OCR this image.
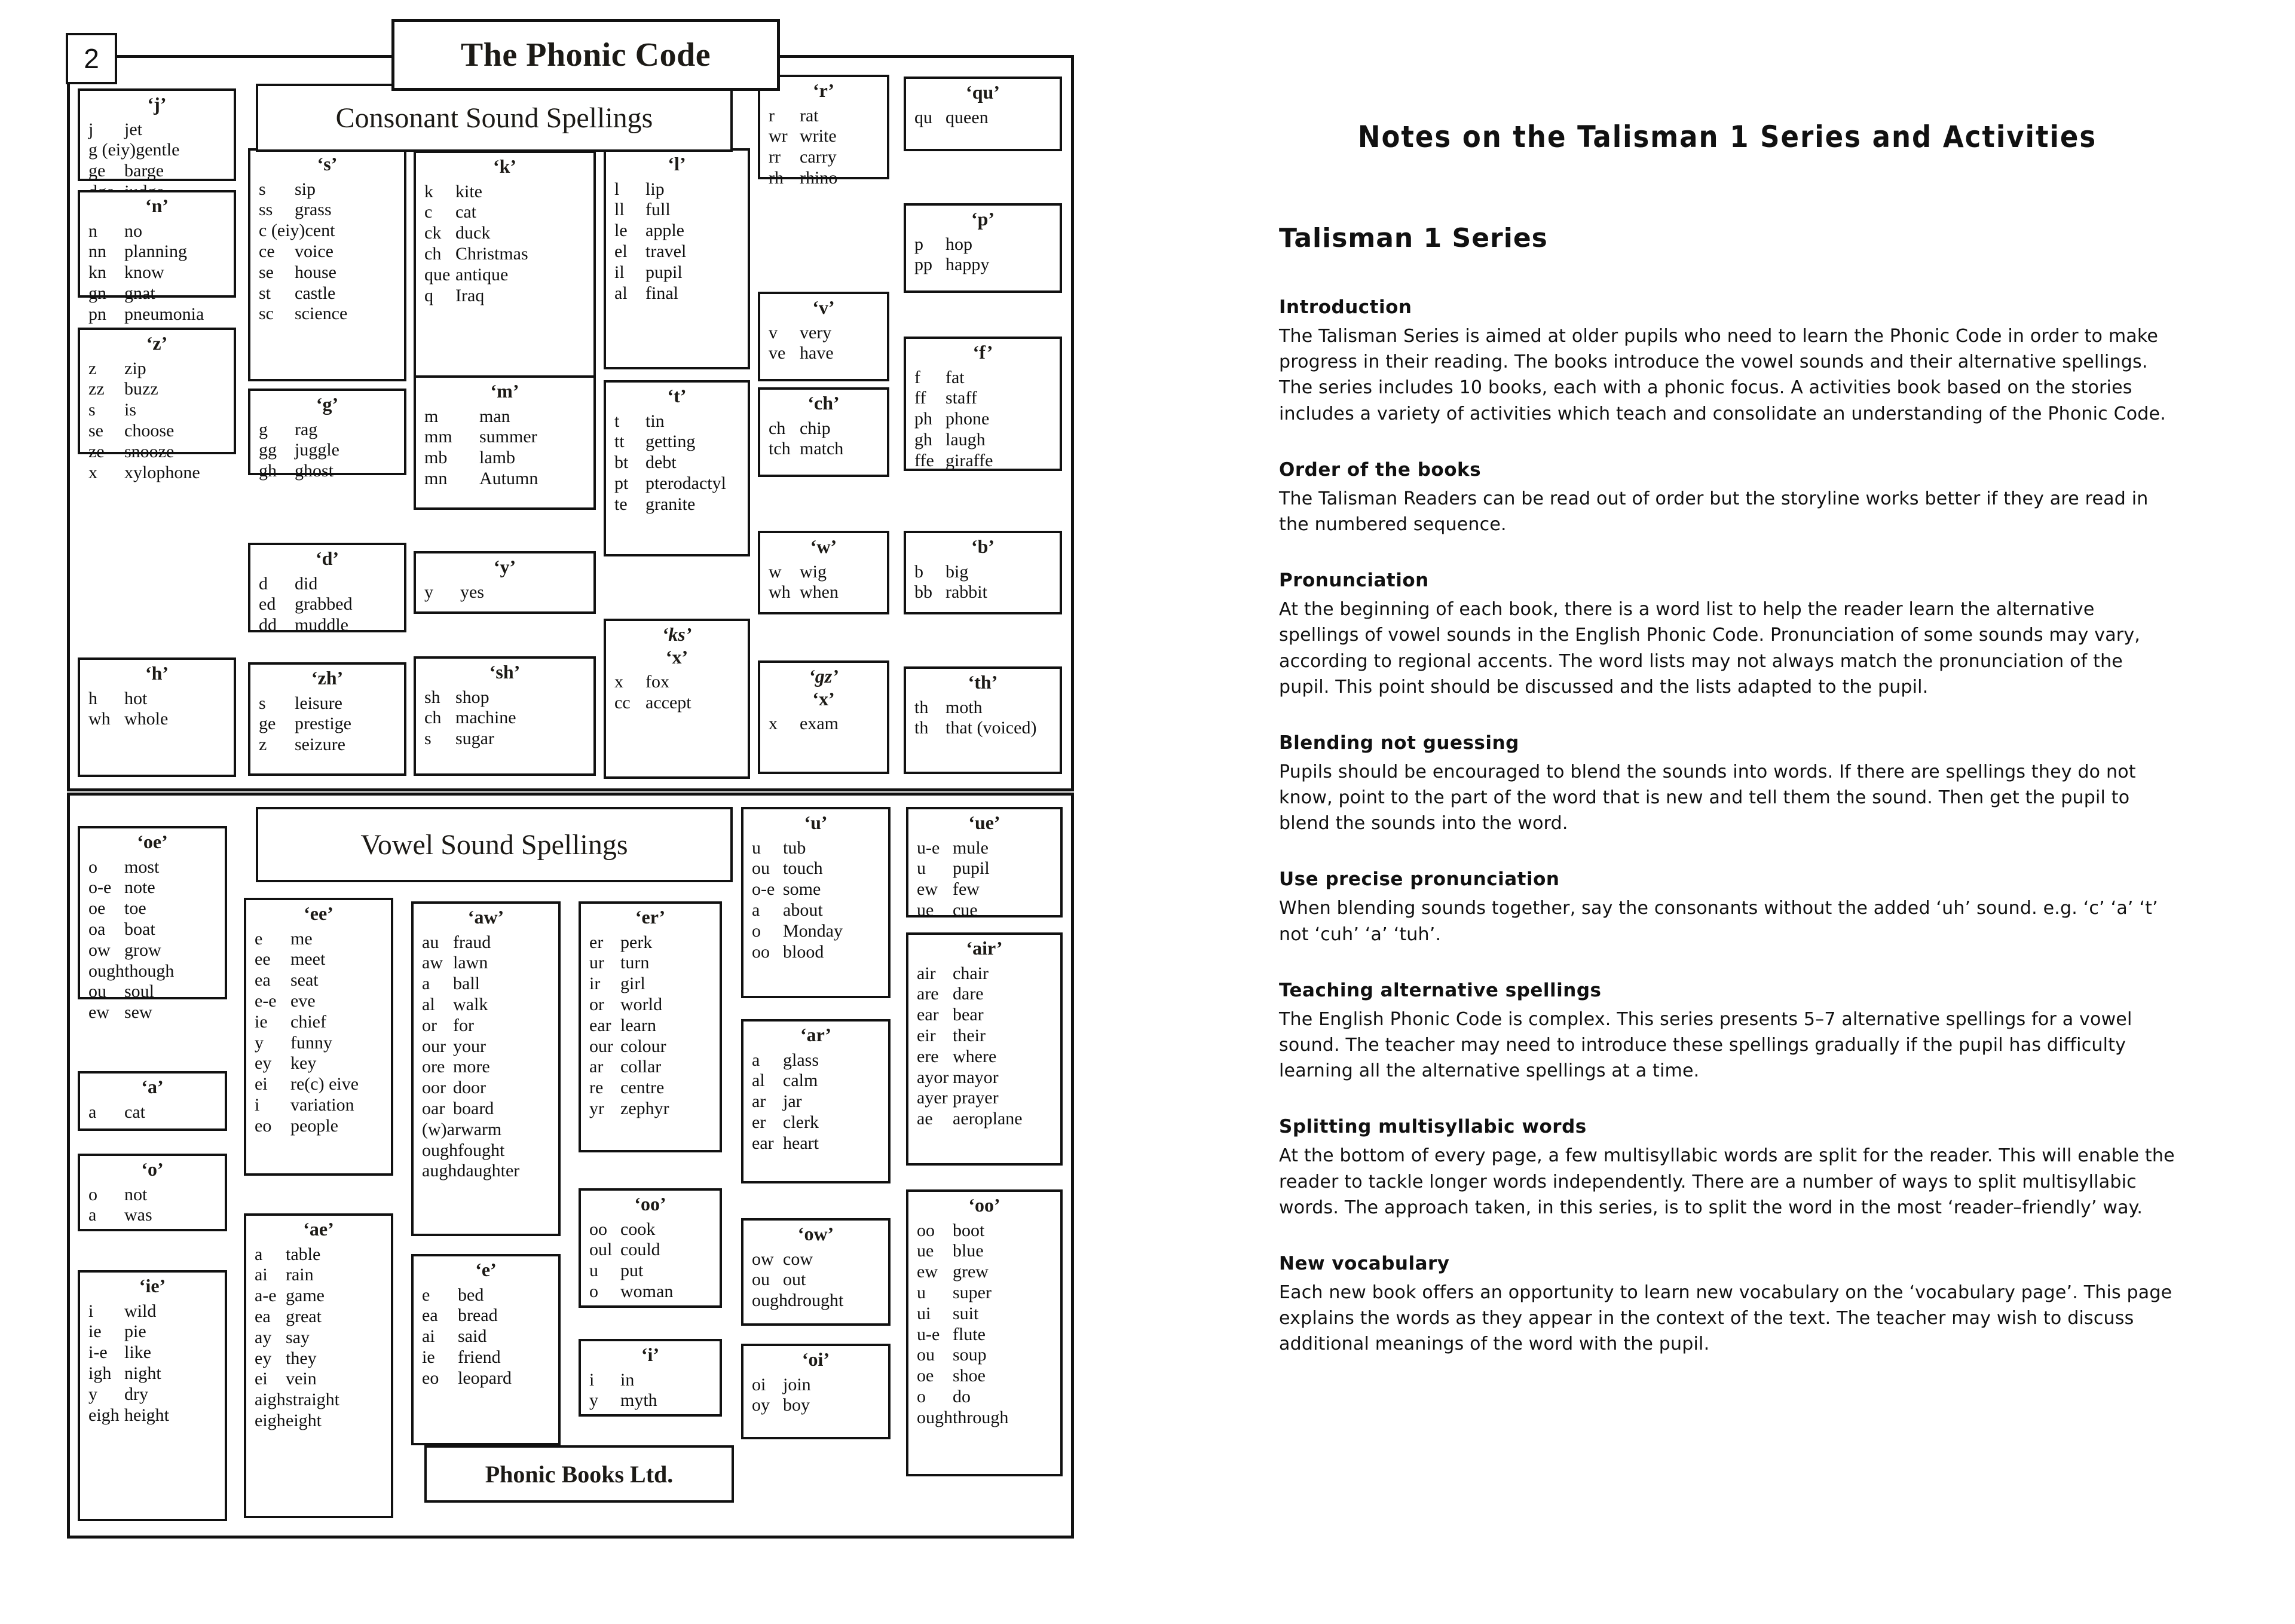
2	The Phonic Code
Consonant Sound Spellings
Vowel Sound Spellings
Phonic Books Ltd.
‘j’
j	jet
g (eiy) gentle
ge	barge
‘n’
n	no
nn	planning
kn	know
gn	gnat
pn	pneumonia
‘z’
z	zip
zz	buzz
s	is
se	choose
ze	snooze
x	xylophone
‘h’
h	hot
wh whole
‘s’
s	sip
ss	grass
c (eiy) cent
ce	voice
se	house
st	castle
sc	science
‘g’
g	rag
gg	juggle
gh	ghost
‘d’
d	did
ed	grabbed
dd	muddle
‘zh’
s	leisure
ge	prestige
z	seizure
‘k’
k	kite
c	cat
ck duck
ch Christmas
que antique
q	Iraq
‘m’
m	man
mm	summer
mb	lamb
mn	Autumn
‘y’
y	yes
‘sh’
sh shop
ch machine
s	sugar
‘l’
l	lip
ll	full
le	apple
el	travel
il	pupil
al	final
‘t’
t	tin
tt	getting
bt debt
pt pterodactyl
te	granite
‘ks’
‘x’
x	fox
cc accept
‘ch’
ch chip
tch match
‘w’
w	wig
wh when
‘gz’
‘x’
x	exam
‘r’
r	rat
wr write
rr	carry
rh rhino
‘v’
v	very
ve have
‘qu’
qu queen
‘p’
p	hop
pp happy
‘f’
f	fat
ff	staff
ph phone
gh laugh
ffe giraffe
‘b’
b	big
bb rabbit
‘th’
th moth
th that (voiced)
‘oe’
o	most
o-e note
oe	toe
oa	boat
ow grow
ough though
ou	soul
ew sew
‘a’
a	cat
‘o’
o	not
a	was
‘ie’
i	wild
ie	pie
i-e like
igh night
y	dry
eigh height
‘ee’
e	me
ee	meet
ea	seat
e-e eve
ie	chief
y	funny
ey	key
ei	re(c) eive
i	variation
eo	people
‘ae’
a	table
ai	rain
a-e game
ea great
ay say
ey they
ei	vein
aigh straight
eigh eight
‘aw’
au fraud
aw lawn
a	ball
al	walk
or for
our your
ore more
oor door
oar board
(w)ar warm
ough fought
augh daughter
‘e’
e	bed
ea	bread
ai	said
ie	friend
eo	leopard
‘er’
er perk
ur turn
ir	girl
or world
ear learn
our colour
ar collar
re centre
yr zephyr
‘oo’
oo cook
oul could
u	put
o	woman
‘i’
i	in
y	myth
‘u’
u	tub
ou touch
o-e some
a	about
o	Monday
oo blood
‘ar’
a	glass
al	calm
ar jar
er clerk
ear heart
‘ow’
ow cow
ou out
ough drought
‘oi’
oi join
oy boy
‘ue’
u-e mule
u	pupil
ew few
ue	cue
‘air’
air chair
are dare
ear bear
eir their
ere where
ayor mayor
ayer prayer
ae	aeroplane
‘oo’
oo	boot
ue	blue
ew grew
u	super
ui	suit
u-e flute
ou	soup
oe	shoe
o	do
ough through
Notes on the Talisman 1 Series and Activities
Talisman 1 Series
Introduction
The Talisman Series is aimed at older pupils who need to learn the Phonic Code in order to make progress in their reading. The books introduce the vowel sounds and their alternative spellings. The series includes 10 books, each with a phonic focus. A activities book based on the stories includes a variety of activities which teach and consolidate an understanding of the Phonic Code.
Order of the books
The Talisman Readers can be read out of order but the storyline works better if they are read in the numbered sequence.
Pronunciation
At the beginning of each book, there is a word list to help the reader learn the alternative spellings of vowel sounds in the English Phonic Code. Pronunciation of some sounds may vary, according to regional accents. The word lists may not always match the pronunciation of the pupil. This point should be discussed and the lists adapted to the pupil.
Blending not guessing
Pupils should be encouraged to blend the sounds into words. If there are spellings they do not know, point to the part of the word that is new and tell them the sound. Then get the pupil to blend the sounds into the word.
Use precise pronunciation
When blending sounds together, say the consonants without the added ‘uh’ sound. e.g. ‘c’ ‘a’ ‘t’ not ‘cuh’ ‘a’ ‘tuh’.
Teaching alternative spellings
The English Phonic Code is complex. This series presents 5–7 alternative spellings for a vowel sound. The teacher may need to introduce these spellings gradually if the pupil has difficulty learning all the alternative spellings at a time.
Splitting multisyllabic words
At the bottom of every page, a few multisyllabic words are split for the reader. This will enable the reader to tackle longer words independently. There are a number of ways to split multisyllabic words. The approach taken, in this series, is to split the word in the most ‘reader–friendly’ way.
New vocabulary
Each new book offers an opportunity to learn new vocabulary on the ‘vocabulary page’. This page explains the words as they appear in the context of the text. The teacher may wish to discuss additional meanings of the word with the pupil.
